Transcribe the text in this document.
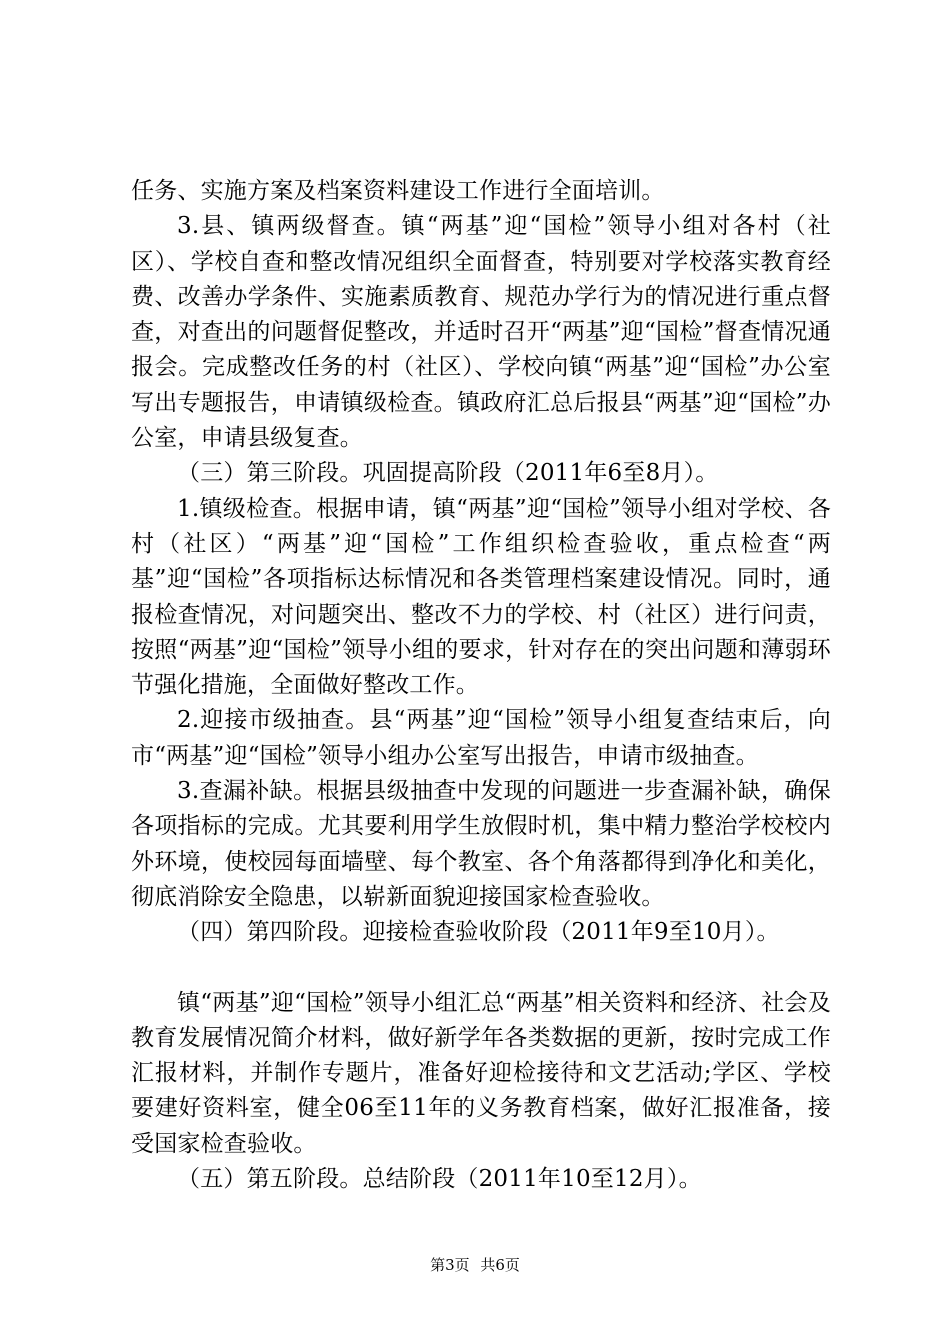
任务、实施方案及档案资料建设工作进行全面培训。

3.县、镇两级督查。镇“两基”迎“国检”领导小组对各村（社区）、学校自查和整改情况组织全面督查，特别要对学校落实教育经费、改善办学条件、实施素质教育、规范办学行为的情况进行重点督查，对查出的问题督促整改，并适时召开“两基”迎“国检”督查情况通报会。完成整改任务的村（社区）、学校向镇“两基”迎“国检”办公室写出专题报告，申请镇级检查。镇政府汇总后报县“两基”迎“国检”办公室，申请县级复查。

（三）第三阶段。巩固提高阶段（2011年6至8月）。

1.镇级检查。根据申请，镇“两基”迎“国检”领导小组对学校、各村（社区）“两基”迎“国检”工作组织检查验收，重点检查“两基”迎“国检”各项指标达标情况和各类管理档案建设情况。同时，通报检查情况，对问题突出、整改不力的学校、村（社区）进行问责，按照“两基”迎“国检”领导小组的要求，针对存在的突出问题和薄弱环节强化措施，全面做好整改工作。

2.迎接市级抽查。县“两基”迎“国检”领导小组复查结束后，向市“两基”迎“国检”领导小组办公室写出报告，申请市级抽查。

3.查漏补缺。根据县级抽查中发现的问题进一步查漏补缺，确保各项指标的完成。尤其要利用学生放假时机，集中精力整治学校校内外环境，使校园每面墙壁、每个教室、各个角落都得到净化和美化，彻底消除安全隐患，以崭新面貌迎接国家检查验收。

（四）第四阶段。迎接检查验收阶段（2011年9至10月）。

镇“两基”迎“国检”领导小组汇总“两基”相关资料和经济、社会及教育发展情况简介材料，做好新学年各类数据的更新，按时完成工作汇报材料，并制作专题片，准备好迎检接待和文艺活动;学区、学校要建好资料室，健全06至11年的义务教育档案，做好汇报准备，接受国家检查验收。

（五）第五阶段。总结阶段（2011年10至12月）。

第3页 共6页
